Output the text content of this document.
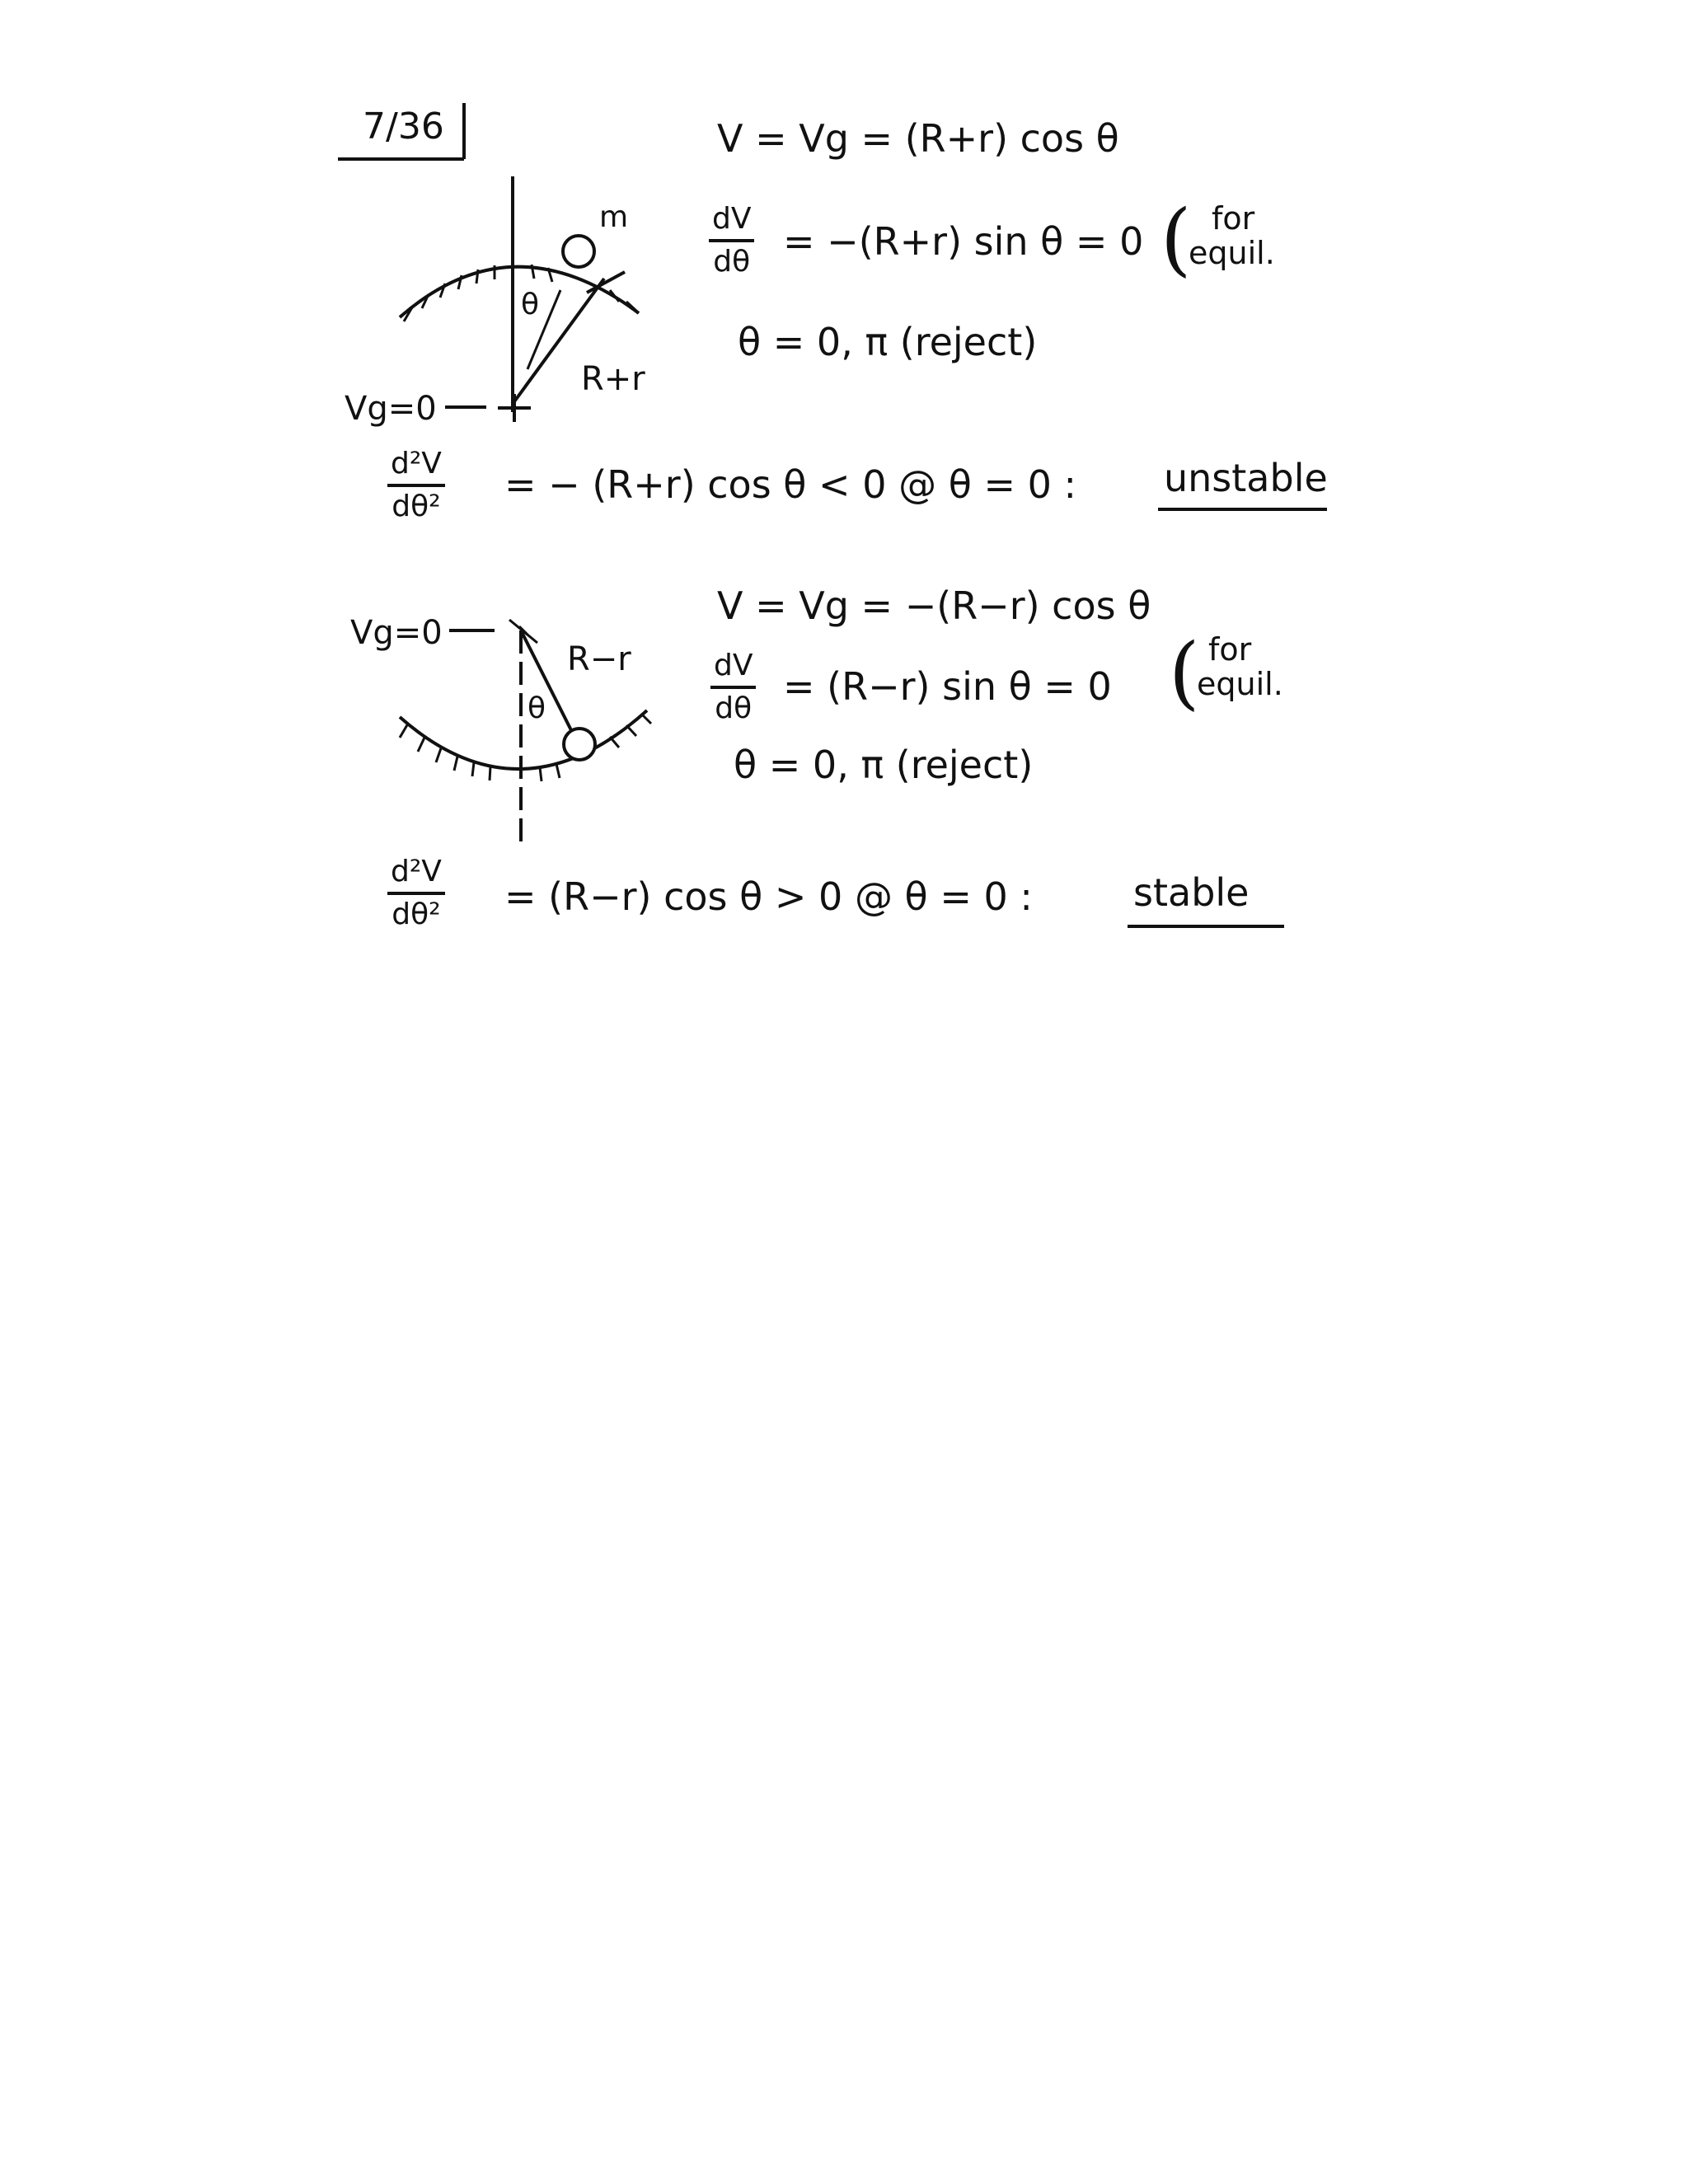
7/36
m
θ
R+r
Vg=0
V = Vg = (R+r) cos θ
$\frac{dV}{d\theta} = -(R+r)$ sin θ = 0 ( for
equil.
θ = 0, π (reject)
$\frac{\text{d²V}}{\text{dθ²}}$ = − (R+r) cos θ < 0 @ θ = 0 : unstable
Vg=0
R−r
θ
V = Vg = −(R−r) cos θ
$\frac{dV}{d\theta} = (R-r)$ sin θ = 0 ( for
equil.
θ = 0, π (reject)
$\frac{\text{d²V}}{\text{dθ²}} = (R-r)$ cos θ > 0 @ θ = 0 :	stable
